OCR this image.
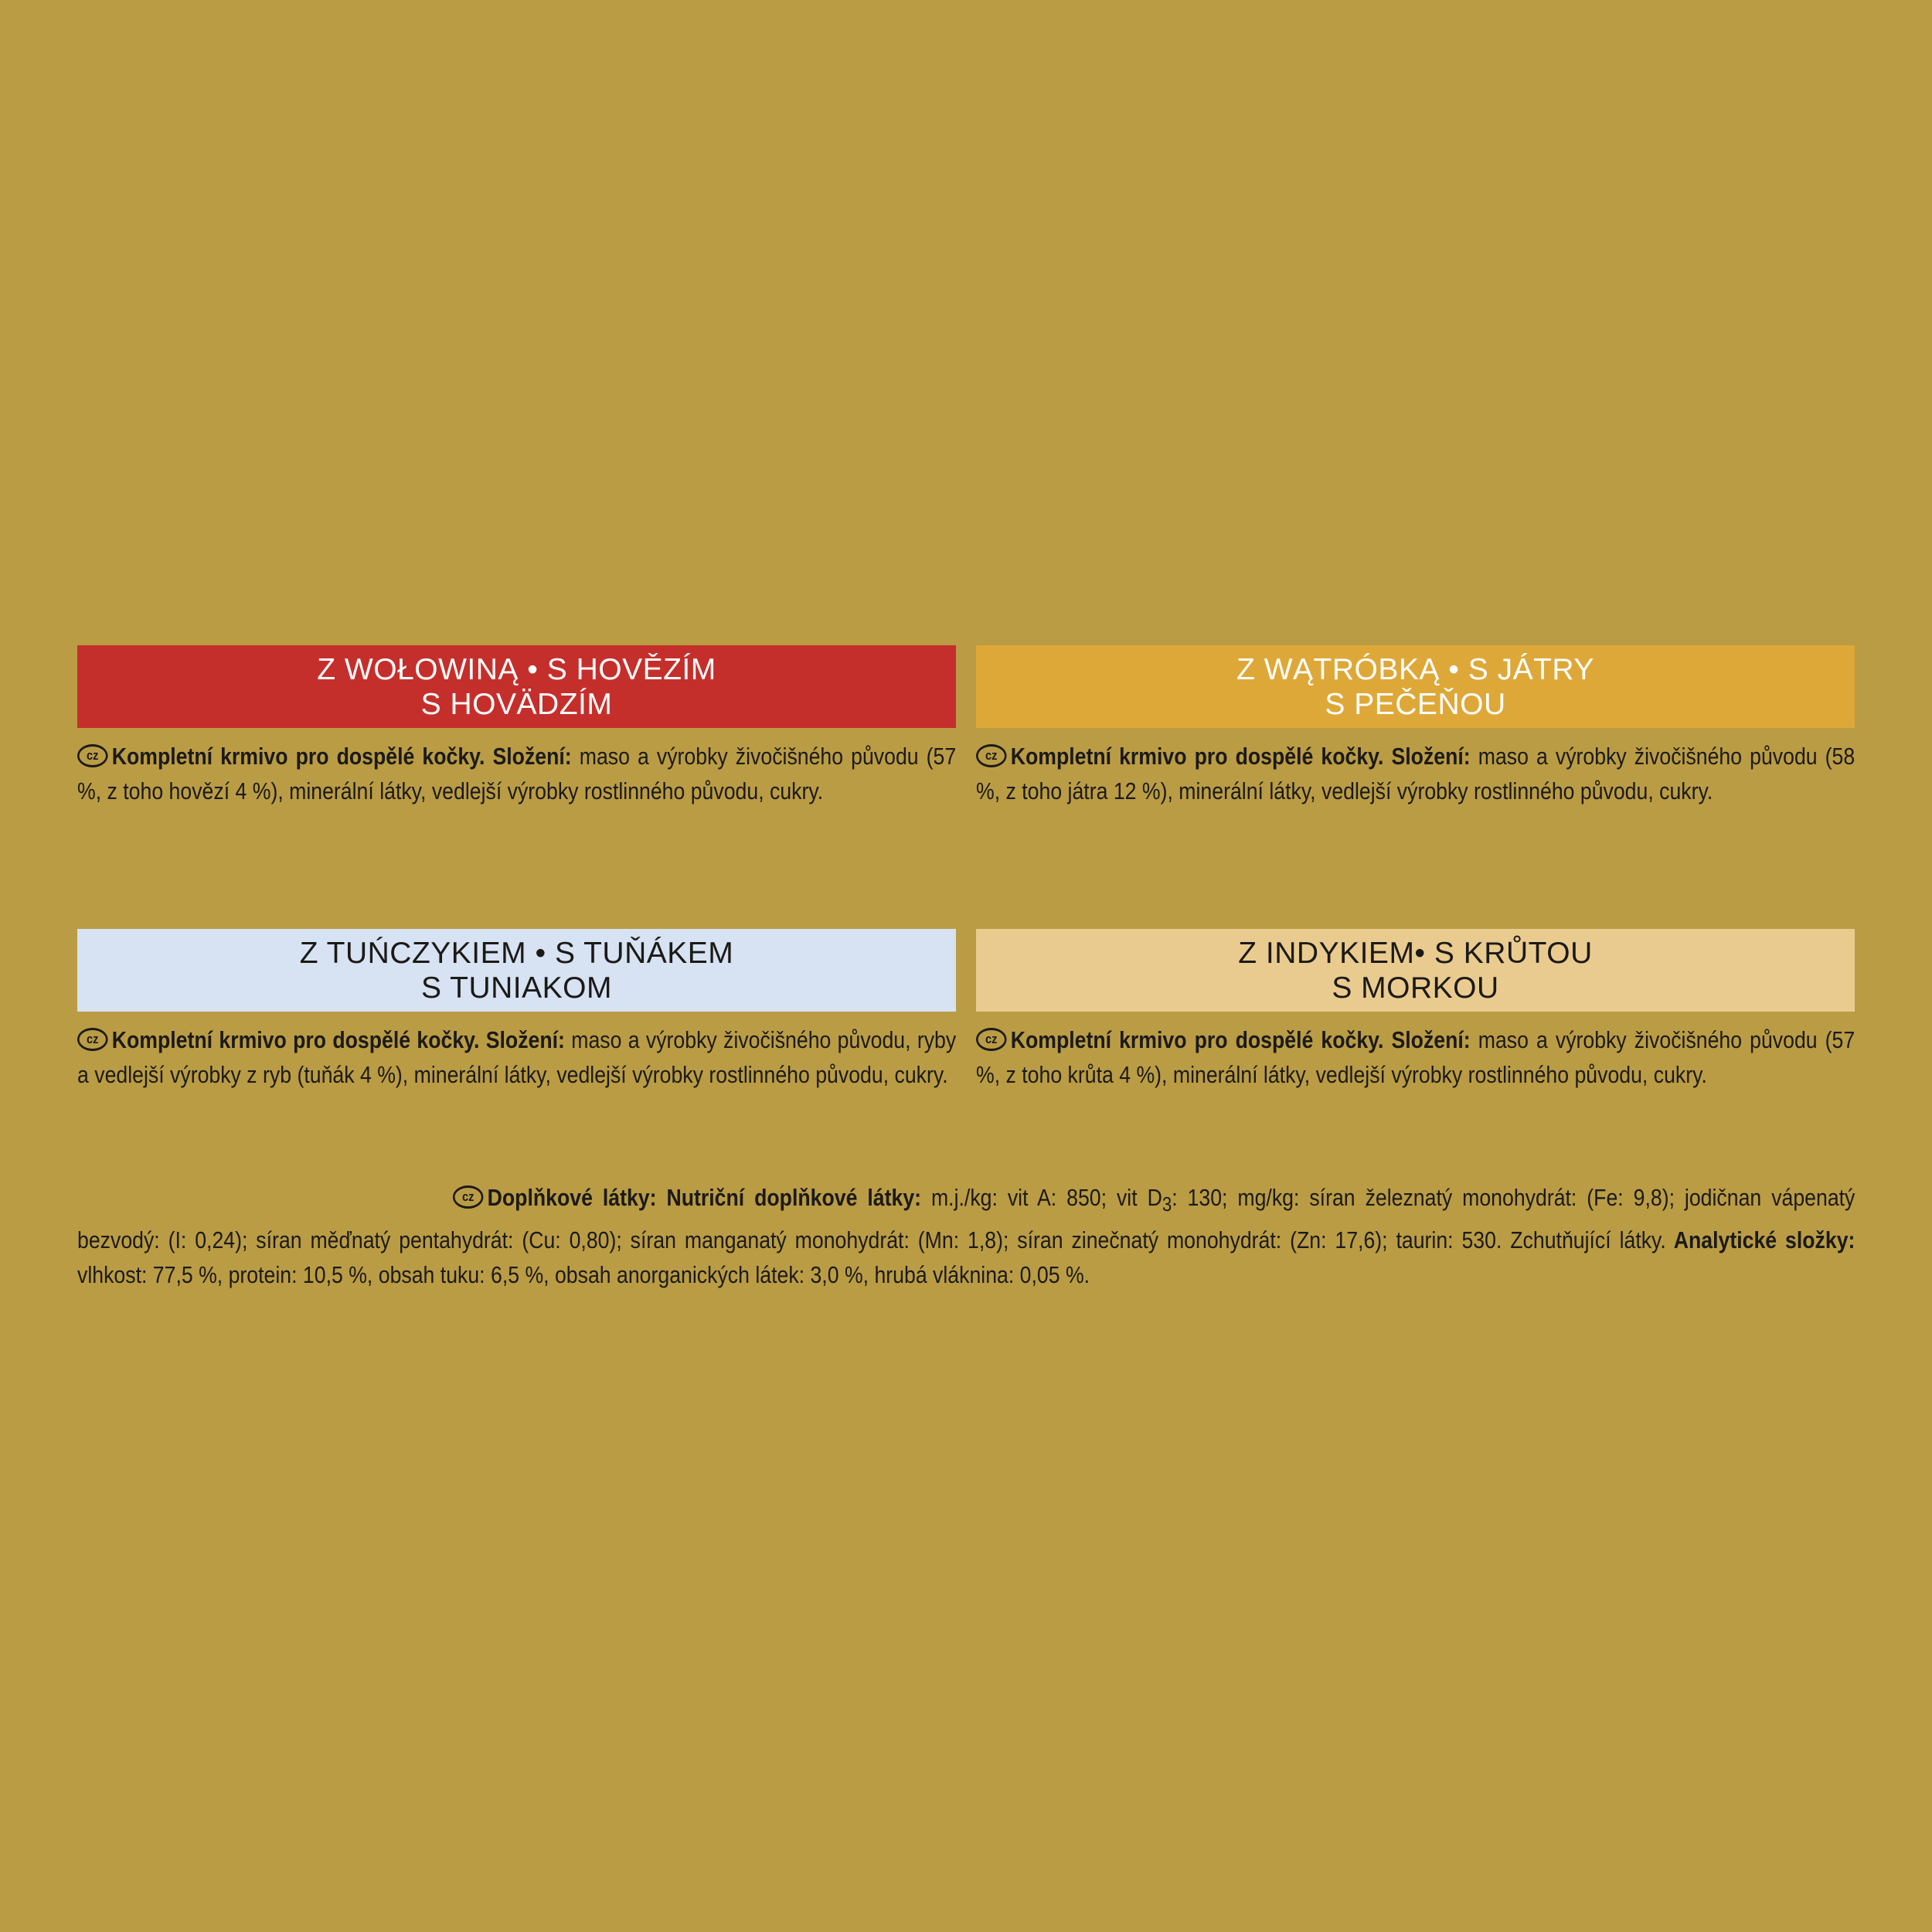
Z WOŁOWINĄ • S HOVĚZÍM
S HOVÄDZÍM
cz Kompletní krmivo pro dospělé kočky. Složení: maso a výrobky živo⁠čišného původu (57 %, z toho hovězí 4 %), minerální látky, vedlejší výrobky rostlinného původu, cukry.
Z WĄTRÓBKĄ • S JÁTRY
S PEČEŇOU
cz Kompletní krmivo pro dospělé kočky. Složení: maso a výrobky živočišného původu (58 %, z toho játra 12 %), minerální látky, vedlejší výrobky rostlinného původu, cukry.
Z TUŃCZYKIEM • S TUŇÁKEM
S TUNIAKOM
cz Kompletní krmivo pro dospělé kočky. Složení: maso a výrobky živočišného původu, ryby a vedlejší výrobky z ryb (tuňák 4 %), minerální látky, vedlejší výrobky rostlinného původu, cukry.
Z INDYKIEM• S KRŮTOU
S MORKOU
cz Kompletní krmivo pro dospělé kočky. Složení: maso a výrobky živočišného původu (57 %, z toho krůta 4 %), minerální látky, vedlejší výrobky rostlinného původu, cukry.
cz Doplňkové látky: Nutriční doplňkové látky: m.j./kg: vit A: 850; vit $D_3$: 130; mg/kg: síran železnatý monohydrát: (Fe: 9,8); jodičnan vápenatý bezvodý: (I: 0,24); síran měďnatý pentahydrát: (Cu: 0,80); síran manganatý monohydrát: (Mn: 1,8); síran zinečnatý monohydrát: (Zn: 17,6); taurin: 530. Zchutňující látky. Analytické složky: vlhkost: 77,5 %, protein: 10,5 %, obsah tuku: 6,5 %, obsah anorganických látek: 3,0 %, hrubá vláknina: 0,05 %.
